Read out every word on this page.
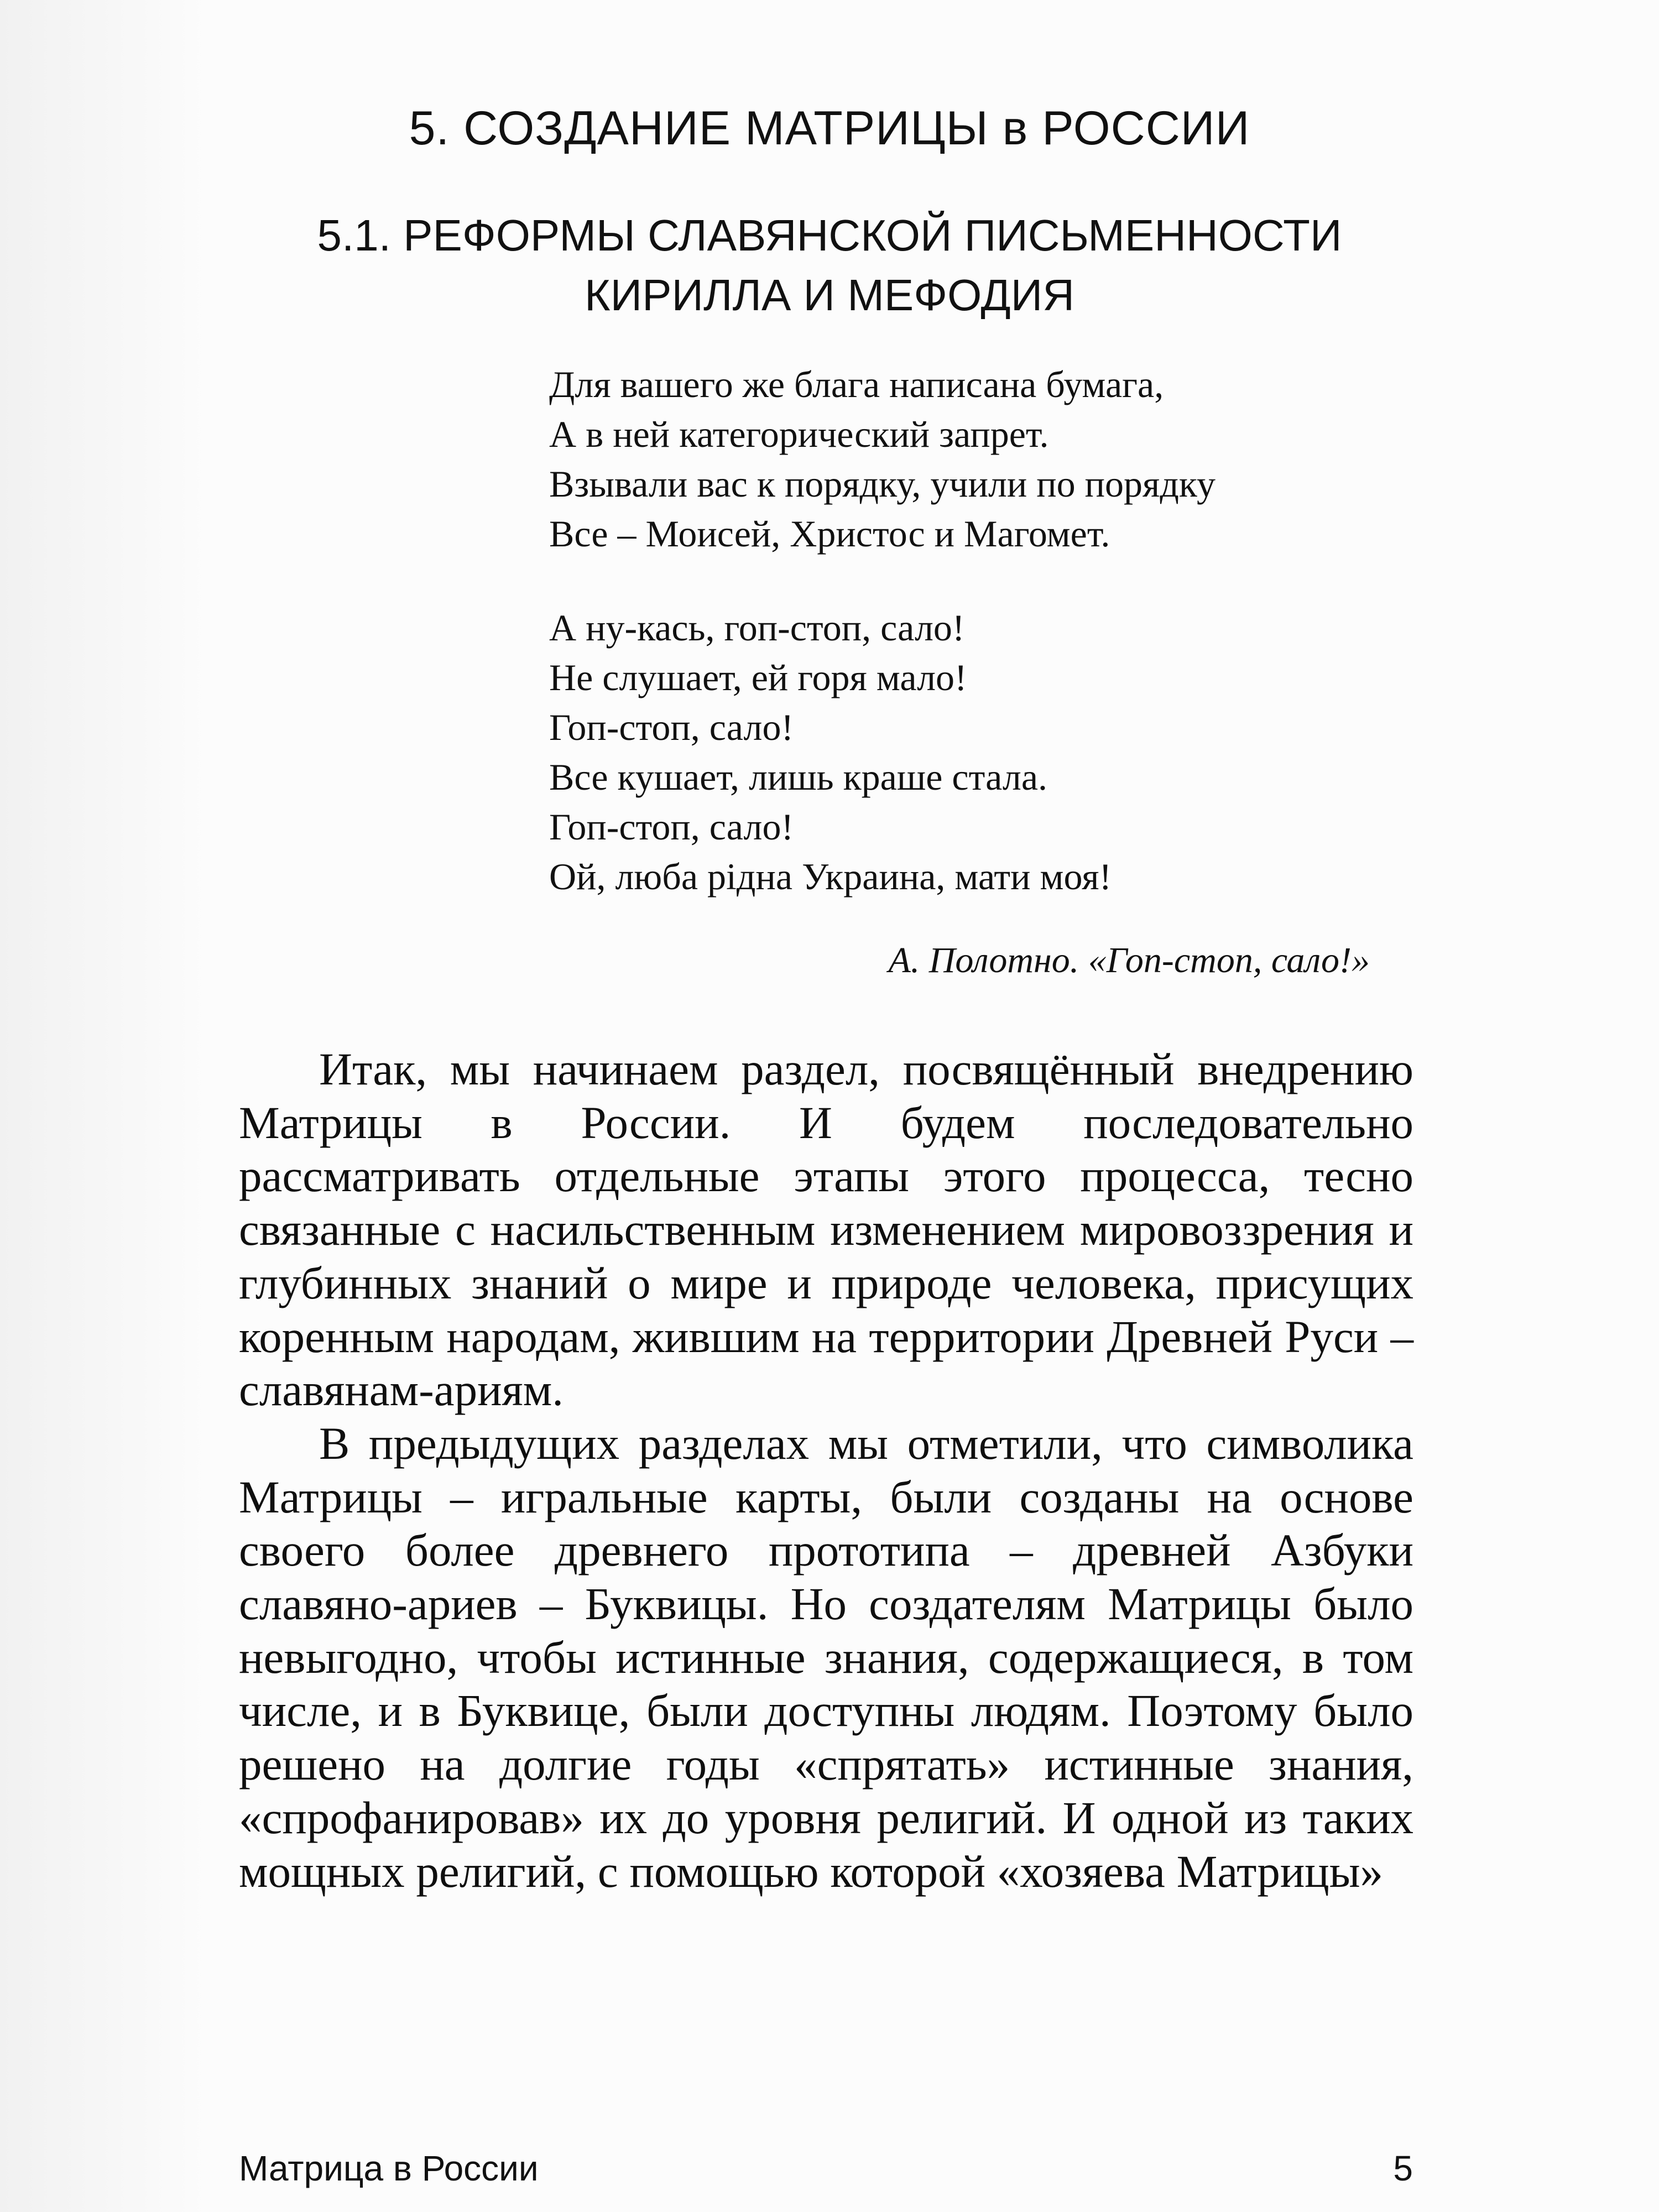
5. СОЗДАНИЕ МАТРИЦЫ в РОССИИ
5.1. РЕФОРМЫ СЛАВЯНСКОЙ ПИСЬМЕННОСТИ
КИРИЛЛА И МЕФОДИЯ
Для вашего же блага написана бумага,
А в ней категорический запрет.
Взывали вас к порядку, учили по порядку
Все – Моисей, Христос и Магомет.
А ну-кась, гоп-стоп, сало!
Не слушает, ей горя мало!
Гоп-стоп, сало!
Все кушает, лишь краше стала.
Гоп-стоп, сало!
Ой, люба рiдна Украина, мати моя!
А. Полотно. «Гоп-стоп, сало!»

Итак, мы начинаем раздел, посвящённый внедрению Матрицы в России. И будем последовательно рассматривать отдельные этапы этого процесса, тесно связанные с насильственным изменением мировоззрения и глубинных знаний о мире и природе человека, присущих коренным народам, жившим на территории Древней Руси – славянам-ариям.

В предыдущих разделах мы отметили, что символика Матрицы – игральные карты, были созданы на основе своего более древнего прототипа – древней Азбуки славяно-ариев – Буквицы. Но создателям Матрицы было невыгодно, чтобы истинные знания, содержащиеся, в том числе, и в Буквице, были доступны людям. Поэтому было решено на долгие годы «спрятать» истинные знания, «спрофанировав» их до уровня религий. И одной из таких мощных религий, с помощью которой «хозяева Матрицы»

Матрица в России	5
